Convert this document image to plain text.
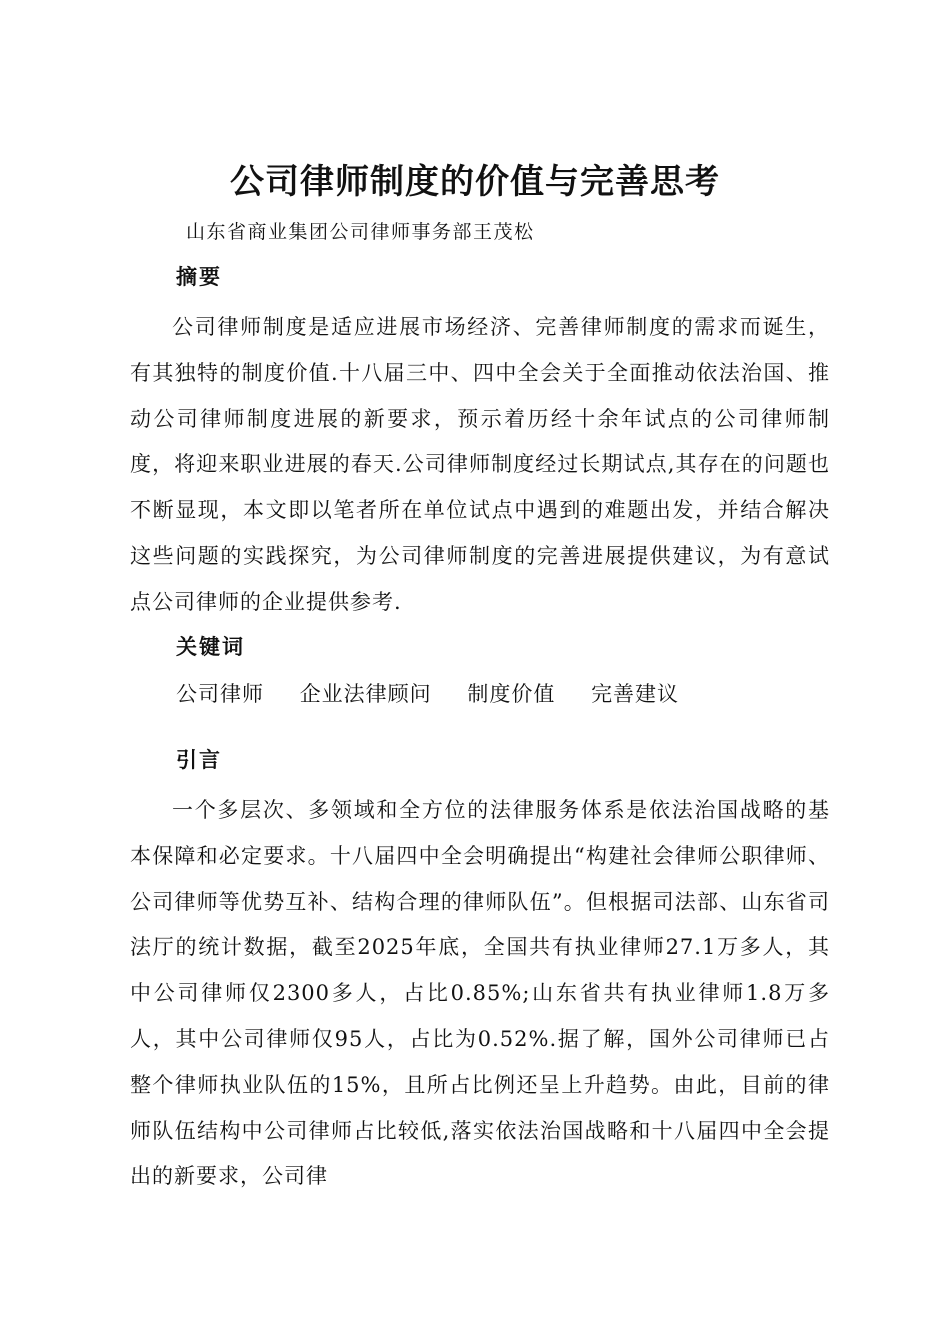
公司律师制度的价值与完善思考
山东省商业集团公司律师事务部王茂松
摘要

公司律师制度是适应进展市场经济、完善律师制度的需求而诞生，有其独特的制度价值.十八届三中、四中全会关于全面推动依法治国、推动公司律师制度进展的新要求，预示着历经十余年试点的公司律师制度，将迎来职业进展的春天.公司律师制度经过长期试点,其存在的问题也不断显现，本文即以笔者所在单位试点中遇到的难题出发，并结合解决这些问题的实践探究，为公司律师制度的完善进展提供建议，为有意试点公司律师的企业提供参考.

关键词
公司律师 企业法律顾问 制度价值 完善建议
引言

一个多层次、多领域和全方位的法律服务体系是依法治国战略的基本保障和必定要求。十八届四中全会明确提出“构建社会律师公职律师、公司律师等优势互补、结构合理的律师队伍”。但根据司法部、山东省司法厅的统计数据，截至2025年底，全国共有执业律师27.1万多人，其中公司律师仅2300多人，占比0.85%;山东省共有执业律师1.8万多人，其中公司律师仅95人，占比为0.52%.据了解，国外公司律师已占整个律师执业队伍的15%，且所占比例还呈上升趋势。由此，目前的律师队伍结构中公司律师占比较低,落实依法治国战略和十八届四中全会提出的新要求，公司律
